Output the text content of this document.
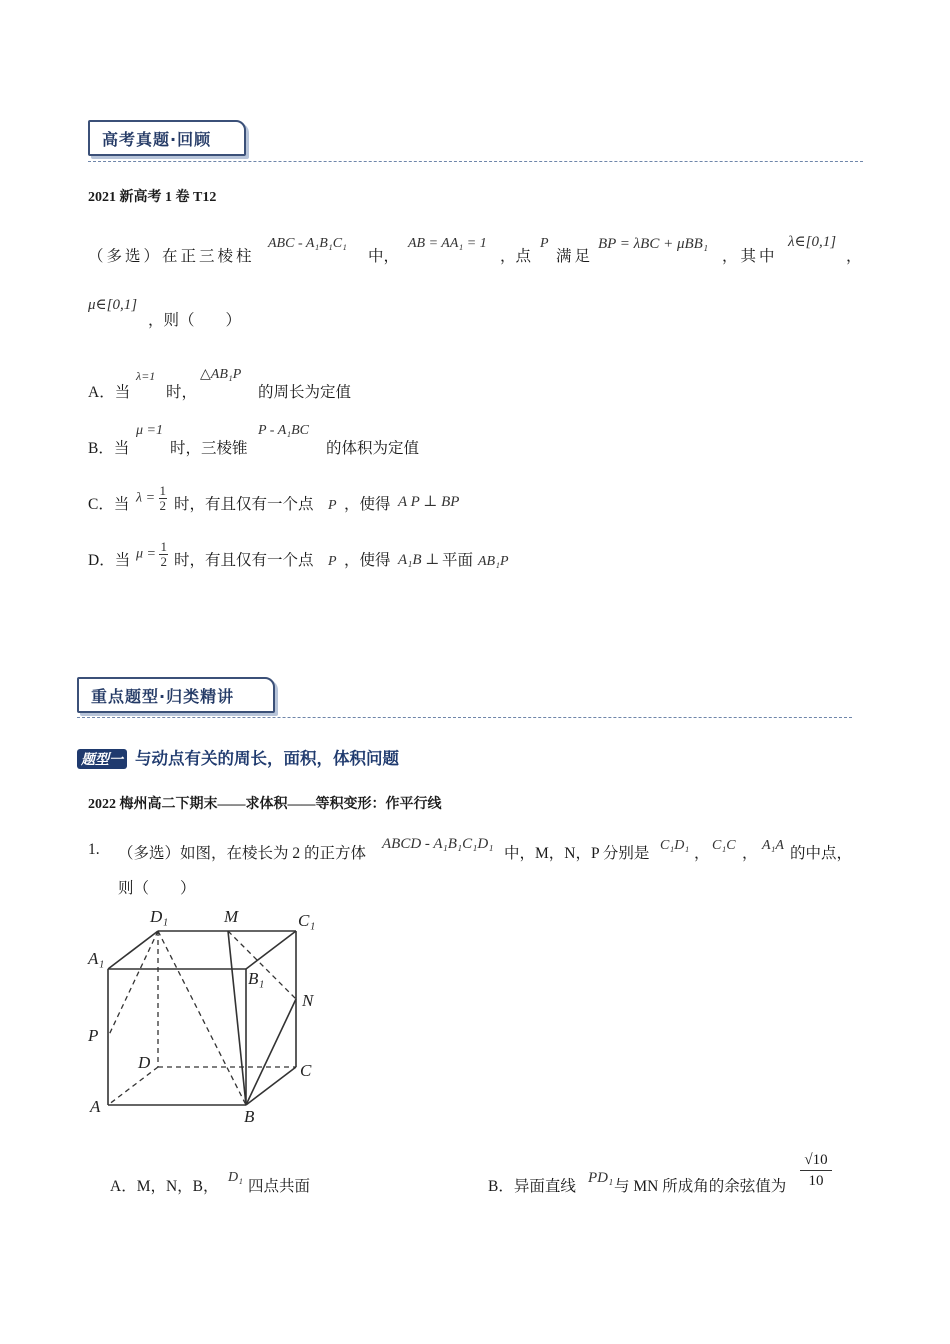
高考真题·回顾
2021 新高考 1 卷 T12
（多选）在正三棱柱
ABC - A₁B₁C₁
中，
AB = AA₁ = 1
，点
P
满足
BP = λBC + μBB₁
，其中
λ∈[0,1]
，
μ∈[0,1]
，则（　　）
A．当
λ=1
时，
△AB₁P
的周长为定值
B．当
μ =1
时，三棱锥
P - A₁BC
的体积为定值
C．当 $\lambda = \frac{1}{2}$ 时，有且仅有一个点 P ，使得 A P ⊥ BP
D．当 $\mu = \frac{1}{2}$ 时，有且仅有一个点 P ，使得 A₁B ⊥ 平面 AB₁P
重点题型·归类精讲
题型一 与动点有关的周长，面积，体积问题
2022 梅州高二下期末——求体积——等积变形：作平行线
1. （多选）如图，在棱长为 2 的正方体
ABCD - A₁B₁C₁D₁
中，M，N，P 分别是 C₁D₁ ， C₁C ， A₁A 的中点，
则（　　）
D₁	M	C₁
A₁
B₁
N
P
D	C
A
B
A．M，N，B，
D₁
四点共面	B．异面直线 PD₁ 与 MN 所成角的余弦值为 $\frac{√10}{10}$
